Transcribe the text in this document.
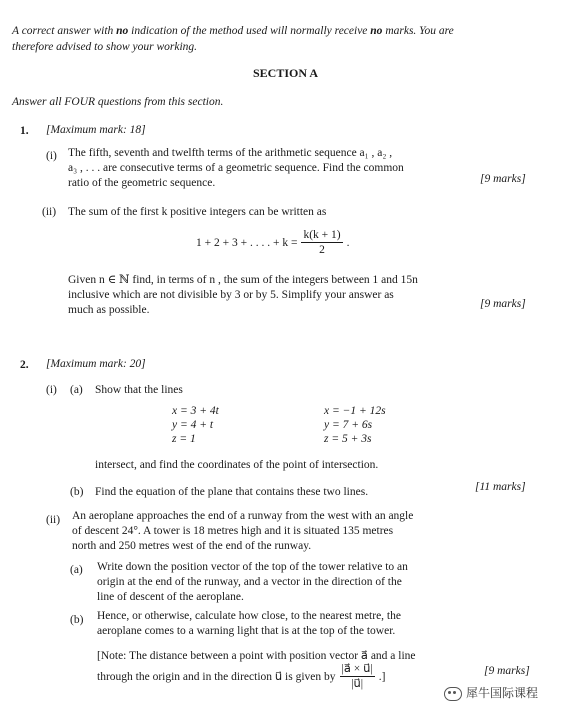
A correct answer with no indication of the method used will normally receive no marks. You are
therefore advised to show your working.
SECTION A
Answer all FOUR questions from this section.
1. [Maximum mark: 18]
(i) The fifth, seventh and twelfth terms of the arithmetic sequence a₁ , a₂ ,
a₃ , . . . are consecutive terms of a geometric sequence. Find the common
ratio of the geometric sequence.	[9 marks]
(ii) The sum of the first k positive integers can be written as
1 + 2 + 3 + . . . . + $k = \frac{k(k + 1)}{2}$ .
Given n ∈ ℕ find, in terms of n , the sum of the integers between 1 and 15n
inclusive which are not divisible by 3 or by 5. Simplify your answer as
much as possible.	[9 marks]
2. [Maximum mark: 20]
(i) (a) Show that the lines
x = 3 + 4t
y = 4 + t
z = 1
x = −1 + 12s
y = 7 + 6s
z = 5 + 3s
intersect, and find the coordinates of the point of intersection.
(b) Find the equation of the plane that contains these two lines.	[11 marks]
(ii) An aeroplane approaches the end of a runway from the west with an angle
of descent 24°. A tower is 18 metres high and it is situated 135 metres
north and 250 metres west of the end of the runway.
(a) Write down the position vector of the top of the tower relative to an
origin at the end of the runway, and a vector in the direction of the
line of descent of the aeroplane.
(b) Hence, or otherwise, calculate how close, to the nearest metre, the
aeroplane comes to a warning light that is at the top of the tower.
[Note: The distance between a point with position vector a⃗ and a line
through the origin and in the direction u⃗ is given by $\frac{|a⃗ \times u⃗|}{|u⃗|}$ .]	[9 marks]
犀牛国际课程
